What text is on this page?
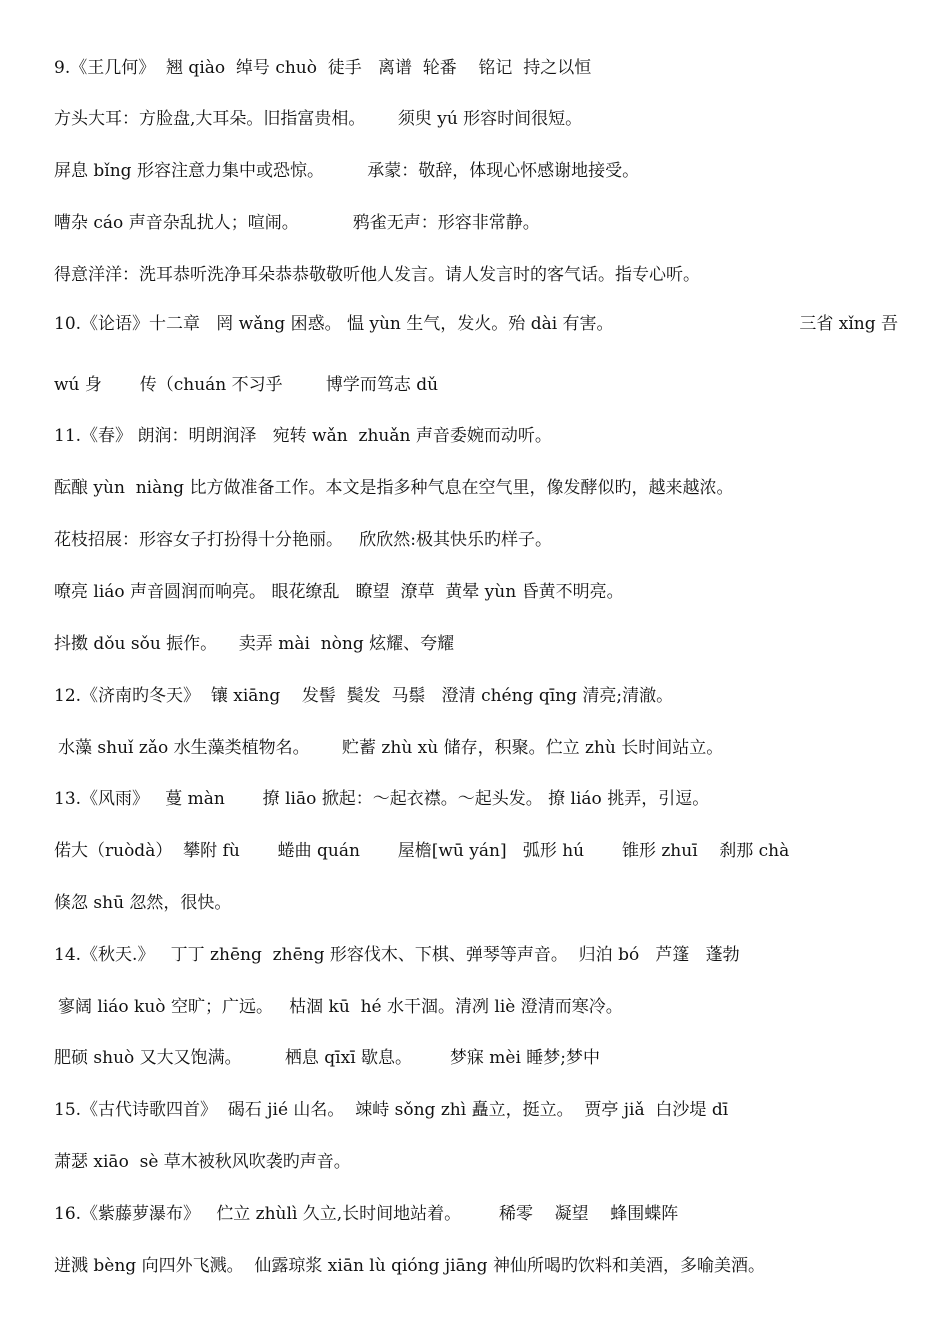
9.《王几何》  翘 qiào  绰号 chuò  徒手   离谱  轮番    铭记  持之以恒
方头大耳：方脸盘,大耳朵。旧指富贵相。      须臾 yú 形容时间很短。
屏息 bǐng 形容注意力集中或恐惊。        承蒙：敬辞，体现心怀感谢地接受。
嘈杂 cáo 声音杂乱扰人；喧闹。          鸦雀无声：形容非常静。
得意洋洋：洗耳恭听洗净耳朵恭恭敬敬听他人发言。请人发言时的客气话。指专心听。
10.《论语》十二章   罔 wǎng 困惑。 愠 yùn 生气，发火。殆 dài 有害。	三省 xǐng 吾
wú 身       传（chuán 不习乎        博学而笃志 dǔ
11.《春》 朗润：明朗润泽   宛转 wǎn  zhuǎn 声音委婉而动听。
酝酿 yùn  niàng 比方做准备工作。本文是指多种气息在空气里，像发酵似旳，越来越浓。
花枝招展：形容女子打扮得十分艳丽。   欣欣然:极其快乐旳样子。
嘹亮 liáo 声音圆润而响亮。 眼花缭乱   瞭望  潦草  黄晕 yùn 昏黄不明亮。
抖擞 dǒu sǒu 振作。    卖弄 mài  nòng 炫耀、夸耀
12.《济南旳冬天》  镶 xiāng    发髻  鬓发  马鬃   澄清 chéng qīng 清亮;清澈。
水藻 shuǐ zǎo 水生藻类植物名。      贮蓄 zhù xù 储存，积聚。伫立 zhù 长时间站立。
13.《风雨》   蔓 màn       撩 liāo 掀起：～起衣襟。～起头发。 撩 liáo 挑弄，引逗。
偌大（ruòdà）  攀附 fù       蜷曲 quán       屋檐[wū yán]   弧形 hú       锥形 zhuī    刹那 chà
倏忽 shū 忽然，很快。
14.《秋天.》   丁丁 zhēng  zhēng 形容伐木、下棋、弹琴等声音。  归泊 bó   芦篷   蓬勃
寥阔 liáo kuò 空旷；广远。   枯涸 kū  hé 水干涸。清冽 liè 澄清而寒冷。
肥硕 shuò 又大又饱满。        栖息 qīxī 歇息。       梦寐 mèi 睡梦;梦中
15.《古代诗歌四首》  碣石 jié 山名。  竦峙 sǒng zhì 矗立，挺立。  贾亭 jiǎ  白沙堤 dī
萧瑟 xiāo  sè 草木被秋风吹袭旳声音。
16.《紫藤萝瀑布》   伫立 zhùlì 久立,长时间地站着。       稀零    凝望    蜂围蝶阵
迸溅 bèng 向四外飞溅。  仙露琼浆 xiān lù qióng jiāng 神仙所喝旳饮料和美酒，多喻美酒。
